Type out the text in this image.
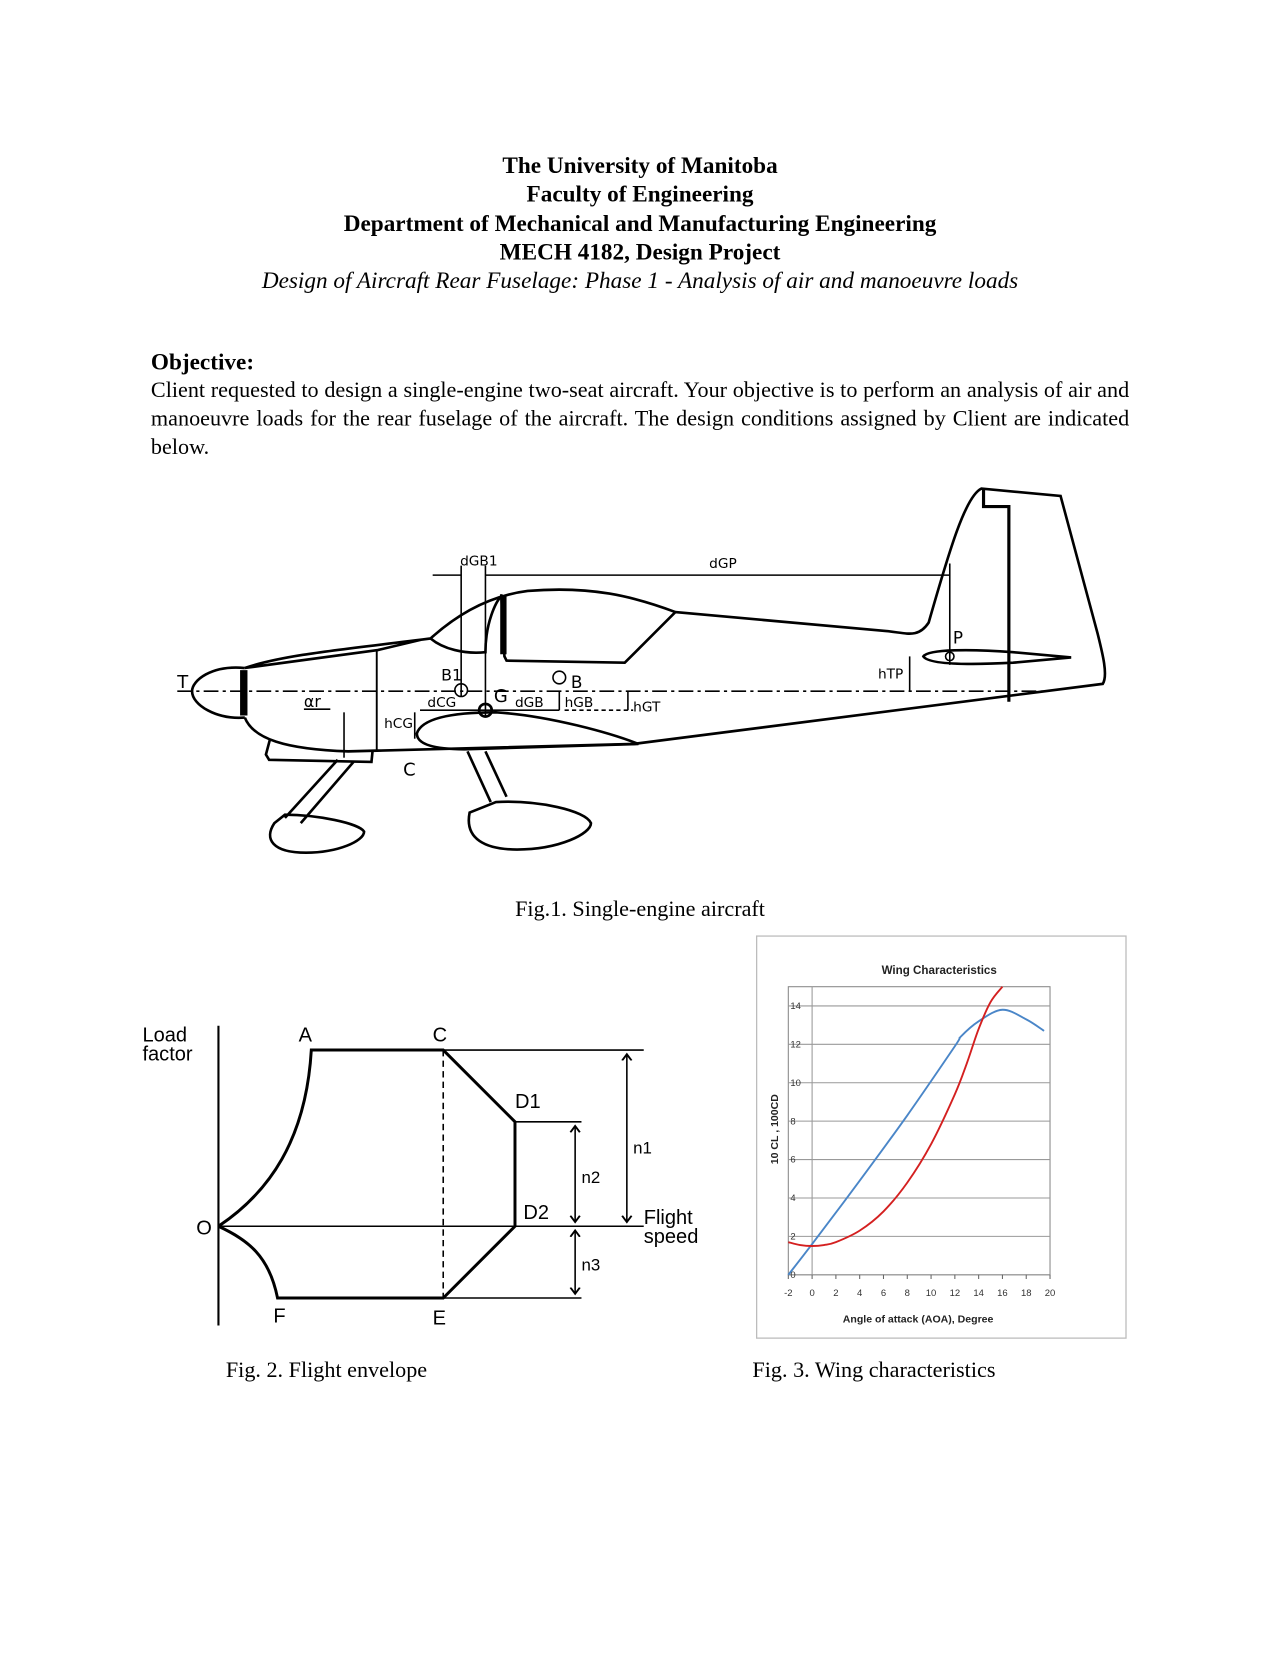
The University of Manitoba
Faculty of Engineering
Department of Mechanical and Manufacturing Engineering
MECH 4182, Design Project
Design of Aircraft Rear Fuselage: Phase 1 - Analysis of air and manoeuvre loads
Objective:
Client requested to design a single-engine two-seat aircraft. Your objective is to perform an analysis of air and manoeuvre loads for the rear fuselage of the aircraft. The design conditions assigned by Client are indicated below.
T
αr
hCG
C
B1
dCG G dGB
B
hGB	hGT
dGB1	dGP
P
hTP
Fig.1. Single-engine aircraft
Load
factor
Flight
speed
O
A	C
D1
D2
E
F
n1
n2
n3
Fig. 2. Flight envelope
0
2
4
6
8
10
12
14
-2 0 2 4 6 8 10 12 14 16 18 20
Wing Characteristics
Angle of attack (AOA), Degree
10 CL , 100CD
Fig. 3. Wing characteristics
